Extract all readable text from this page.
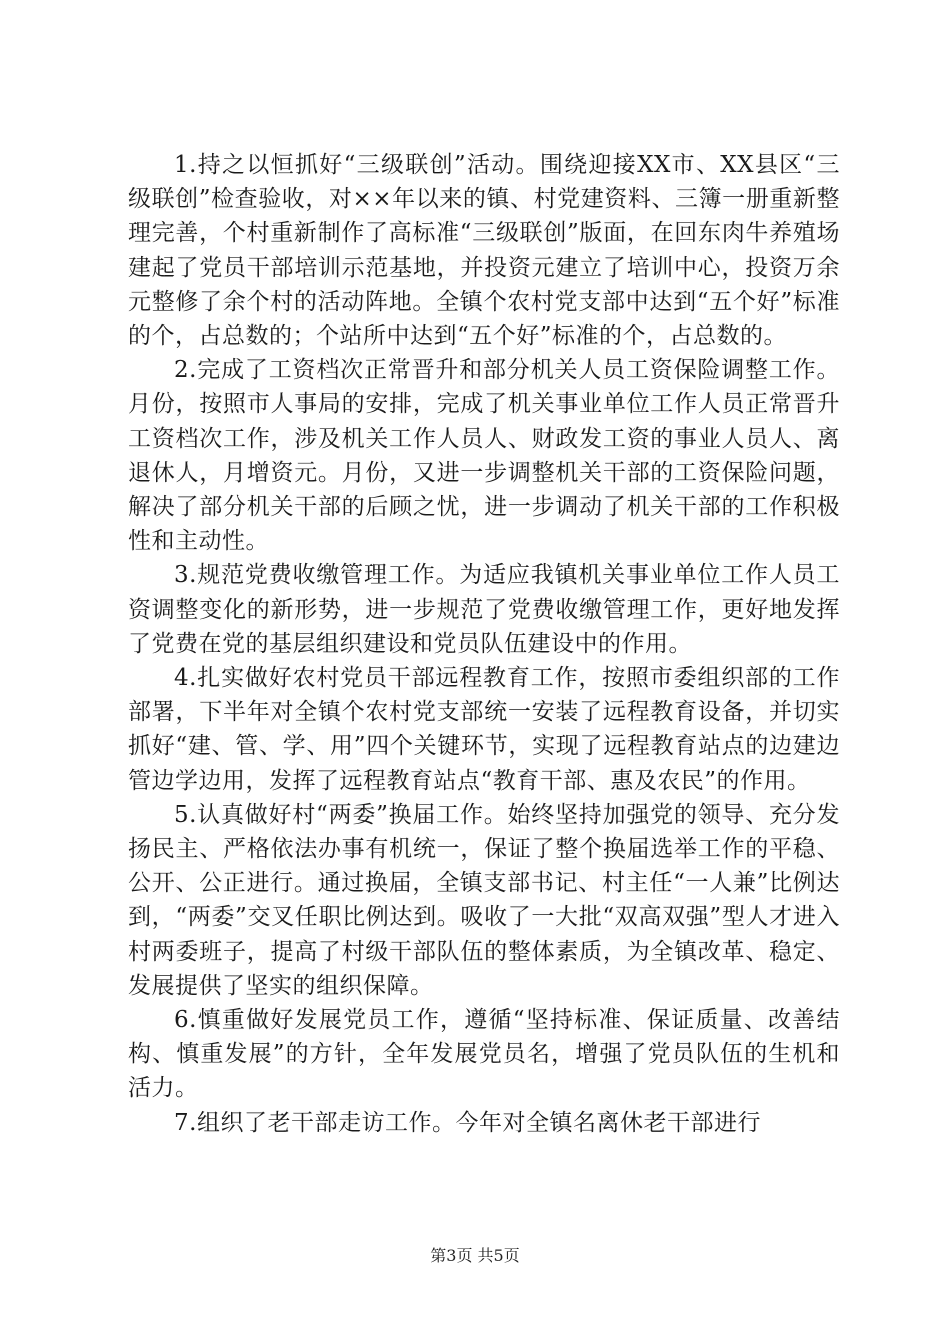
1.持之以恒抓好“三级联创”活动。围绕迎接XX市、XX县区“三级联创”检查验收，对××年以来的镇、村党建资料、三簿一册重新整理完善，个村重新制作了高标准“三级联创”版面，在回东肉牛养殖场建起了党员干部培训示范基地，并投资元建立了培训中心，投资万余元整修了余个村的活动阵地。全镇个农村党支部中达到“五个好”标准的个，占总数的；个站所中达到“五个好”标准的个，占总数的。

2.完成了工资档次正常晋升和部分机关人员工资保险调整工作。月份，按照市人事局的安排，完成了机关事业单位工作人员正常晋升工资档次工作，涉及机关工作人员人、财政发工资的事业人员人、离退休人，月增资元。月份，又进一步调整机关干部的工资保险问题，解决了部分机关干部的后顾之忧，进一步调动了机关干部的工作积极性和主动性。

3.规范党费收缴管理工作。为适应我镇机关事业单位工作人员工资调整变化的新形势，进一步规范了党费收缴管理工作，更好地发挥了党费在党的基层组织建设和党员队伍建设中的作用。

4.扎实做好农村党员干部远程教育工作，按照市委组织部的工作部署，下半年对全镇个农村党支部统一安装了远程教育设备，并切实抓好“建、管、学、用”四个关键环节，实现了远程教育站点的边建边管边学边用，发挥了远程教育站点“教育干部、惠及农民”的作用。

5.认真做好村“两委”换届工作。始终坚持加强党的领导、充分发扬民主、严格依法办事有机统一，保证了整个换届选举工作的平稳、公开、公正进行。通过换届，全镇支部书记、村主任“一人兼”比例达到，“两委”交叉任职比例达到。吸收了一大批“双高双强”型人才进入村两委班子，提高了村级干部队伍的整体素质，为全镇改革、稳定、发展提供了坚实的组织保障。

6.慎重做好发展党员工作，遵循“坚持标准、保证质量、改善结构、慎重发展”的方针，全年发展党员名，增强了党员队伍的生机和活力。

7.组织了老干部走访工作。今年对全镇名离休老干部进行

第3页 共5页
